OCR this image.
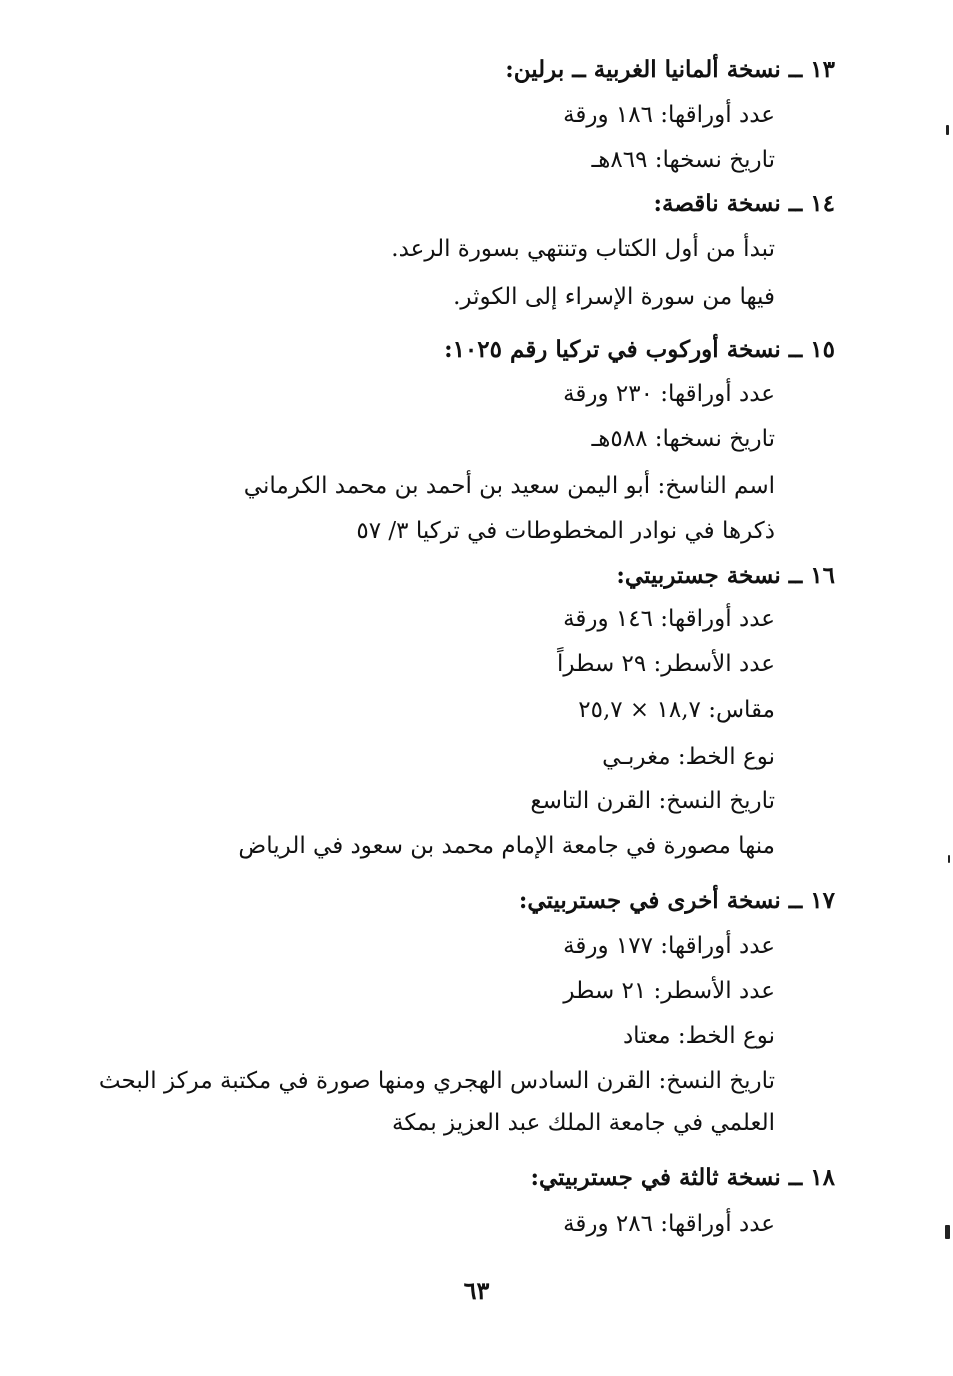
١٣ ــ نسخة ألمانيا الغربية ــ برلين:
عدد أوراقها: ١٨٦ ورقة
تاريخ نسخها: ٨٦٩هـ
١٤ ــ نسخة ناقصة:
تبدأ من أول الكتاب وتنتهي بسورة الرعد.
فيها من سورة الإسراء إلى الكوثر.
١٥ ــ نسخة أوركوب في تركيا رقم ١٠٢٥:
عدد أوراقها: ٢٣٠ ورقة
تاريخ نسخها: ٥٨٨هـ
اسم الناسخ: أبو اليمن سعيد بن أحمد بن محمد الكرماني
ذكرها في نوادر المخطوطات في تركيا ٣/ ٥٧
١٦ ــ نسخة جستربيتي:
عدد أوراقها: ١٤٦ ورقة
عدد الأسطر: ٢٩ سطراً
مقاس: ١٨,٧ × ٢٥,٧
نوع الخط: مغربـي
تاريخ النسخ: القرن التاسع
منها مصورة في جامعة الإمام محمد بن سعود في الرياض
١٧ ــ نسخة أخرى في جستربيتي:
عدد أوراقها: ١٧٧ ورقة
عدد الأسطر: ٢١ سطر
نوع الخط: معتاد
تاريخ النسخ: القرن السادس الهجري ومنها صورة في مكتبة مركز البحث
العلمي في جامعة الملك عبد العزيز بمكة
١٨ ــ نسخة ثالثة في جستربيتي:
عدد أوراقها: ٢٨٦ ورقة
٦٣
